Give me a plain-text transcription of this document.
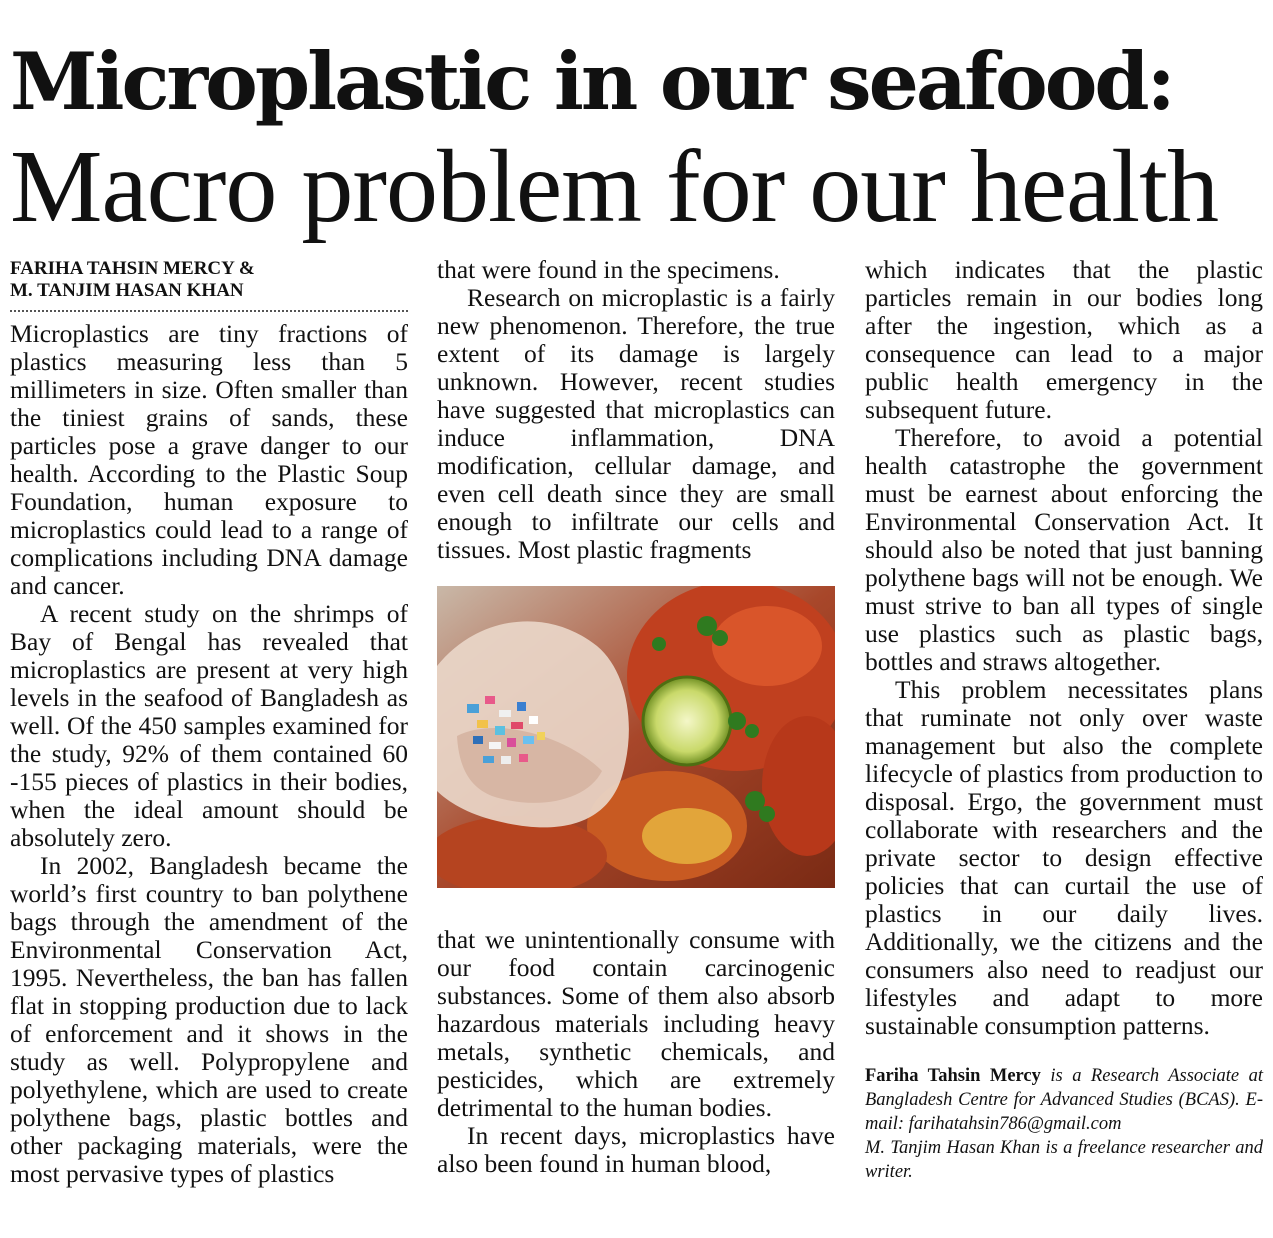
Microplastic in our seafood:
Macro problem for our health
FARIHA TAHSIN MERCY &
M. TANJIM HASAN KHAN

Microplastics are tiny fractions of plastics measuring less than 5 millimeters in size. Often smaller than the tiniest grains of sands, these particles pose a grave danger to our health. According to the Plastic Soup Foundation, human exposure to microplastics could lead to a range of complications including DNA damage and cancer.

A recent study on the shrimps of Bay of Bengal has revealed that microplastics are present at very high levels in the seafood of Bangladesh as well. Of the 450 samples examined for the study, 92% of them contained 60 -155 pieces of plastics in their bodies, when the ideal amount should be absolutely zero.

In 2002, Bangladesh became the world’s first country to ban polythene bags through the amendment of the Environmental Conservation Act, 1995. Nevertheless, the ban has fallen flat in stopping production due to lack of enforcement and it shows in the study as well. Polypropylene and polyethylene, which are used to create polythene bags, plastic bottles and other packaging materials, were the most pervasive types of plastics

that were found in the specimens.

Research on microplastic is a fairly new phenomenon. Therefore, the true extent of its damage is largely unknown. However, recent studies have suggested that microplastics can induce inflammation, DNA modification, cellular damage, and even cell death since they are small enough to infiltrate our cells and tissues. Most plastic fragments

that we unintentionally consume with our food contain carcinogenic substances. Some of them also absorb hazardous materials including heavy metals, synthetic chemicals, and pesticides, which are extremely detrimental to the human bodies.

In recent days, microplastics have also been found in human blood,

which indicates that the plastic particles remain in our bodies long after the ingestion, which as a consequence can lead to a major public health emergency in the subsequent future.

Therefore, to avoid a potential health catastrophe the government must be earnest about enforcing the Environmental Conservation Act. It should also be noted that just banning polythene bags will not be enough. We must strive to ban all types of single use plastics such as plastic bags, bottles and straws altogether.

This problem necessitates plans that ruminate not only over waste management but also the complete lifecycle of plastics from production to disposal. Ergo, the government must collaborate with researchers and the private sector to design effective policies that can curtail the use of plastics in our daily lives. Additionally, we the citizens and the consumers also need to readjust our lifestyles and adapt to more sustainable consumption patterns.

Fariha Tahsin Mercy is a Research Associate at Bangladesh Centre for Advanced Studies (BCAS). E-mail: farihatahsin786@gmail.com
M. Tanjim Hasan Khan is a freelance researcher and writer.
